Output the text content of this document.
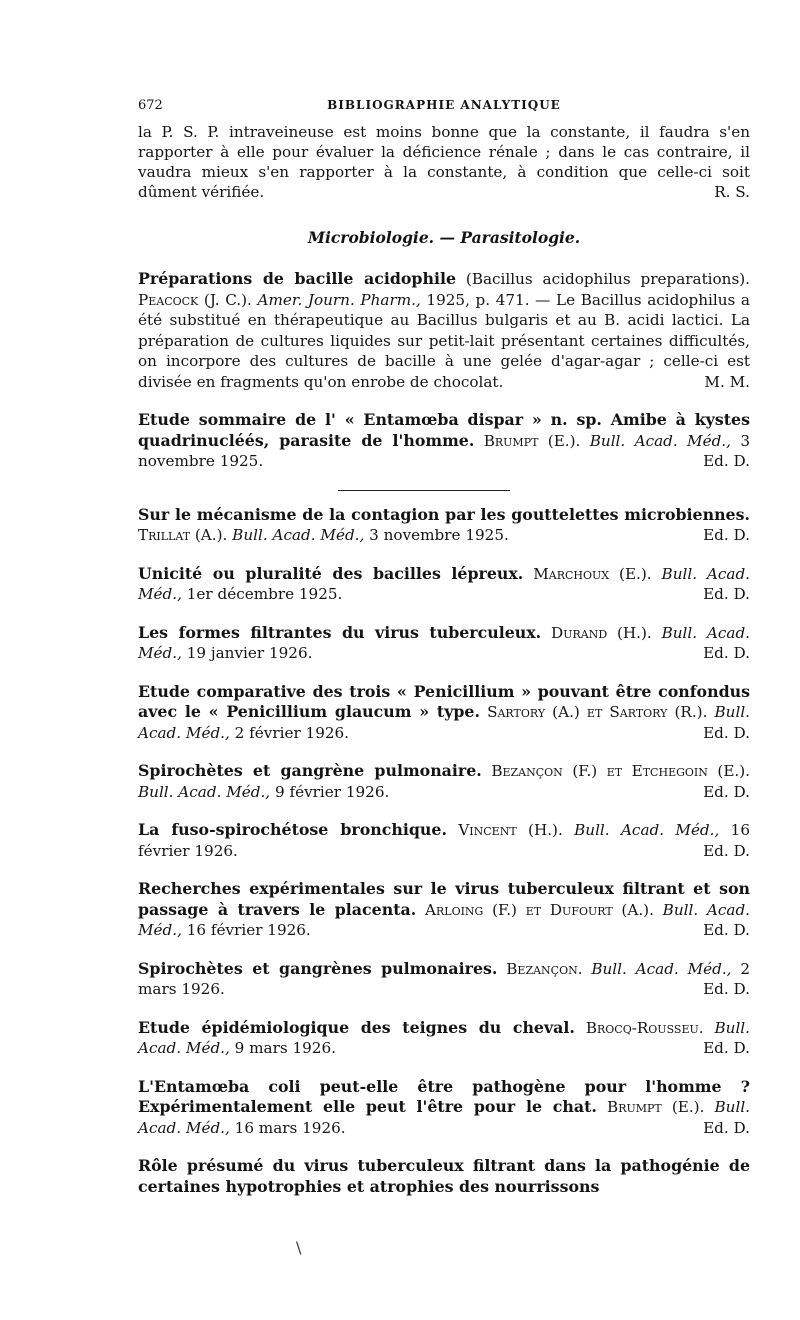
672	BIBLIOGRAPHIE ANALYTIQUE

la P. S. P. intraveineuse est moins bonne que la constante, il faudra s'en rapporter à elle pour évaluer la déficience rénale ; dans le cas contraire, il vaudra mieux s'en rapporter à la constante, à condition que celle-ci soit dûment vérifiée.	R. S.

Microbiologie. — Parasitologie.
Préparations de bacille acidophile (Bacillus acidophilus preparations). Peacock (J. C.). Amer. Journ. Pharm., 1925, p. 471. — Le Bacillus acidophilus a été substitué en thérapeutique au Bacillus bulgaris et au B. acidi lactici. La préparation de cultures liquides sur petit-lait présentant certaines difficultés, on incorpore des cultures de bacille à une gelée d'agar-agar ; celle-ci est divisée en fragments qu'on enrobe de chocolat.	M. M.
Etude sommaire de l' « Entamœba dispar » n. sp. Amibe à kystes quadrinucléés, parasite de l'homme. Brumpt (E.). Bull. Acad. Méd., 3 novembre 1925.	Ed. D.
Sur le mécanisme de la contagion par les gouttelettes microbiennes. Trillat (A.). Bull. Acad. Méd., 3 novembre 1925.	Ed. D.
Unicité ou pluralité des bacilles lépreux. Marchoux (E.). Bull. Acad. Méd., 1er décembre 1925.	Ed. D.
Les formes filtrantes du virus tuberculeux. Durand (H.). Bull. Acad. Méd., 19 janvier 1926.	Ed. D.
Etude comparative des trois « Penicillium » pouvant être confondus avec le « Penicillium glaucum » type. Sartory (A.) et Sartory (R.). Bull. Acad. Méd., 2 février 1926.	Ed. D.
Spirochètes et gangrène pulmonaire. Bezançon (F.) et Etchegoin (E.). Bull. Acad. Méd., 9 février 1926.	Ed. D.
La fuso-spirochétose bronchique. Vincent (H.). Bull. Acad. Méd., 16 février 1926.	Ed. D.
Recherches expérimentales sur le virus tuberculeux filtrant et son passage à travers le placenta. Arloing (F.) et Dufourt (A.). Bull. Acad. Méd., 16 février 1926.	Ed. D.
Spirochètes et gangrènes pulmonaires. Bezançon. Bull. Acad. Méd., 2 mars 1926.	Ed. D.
Etude épidémiologique des teignes du cheval. Brocq-Rousseu. Bull. Acad. Méd., 9 mars 1926.	Ed. D.
L'Entamœba coli peut-elle être pathogène pour l'homme ? Expérimentalement elle peut l'être pour le chat. Brumpt (E.). Bull. Acad. Méd., 16 mars 1926.	Ed. D.
Rôle présumé du virus tuberculeux filtrant dans la pathogénie de certaines hypotrophies et atrophies des nourrissons
\
